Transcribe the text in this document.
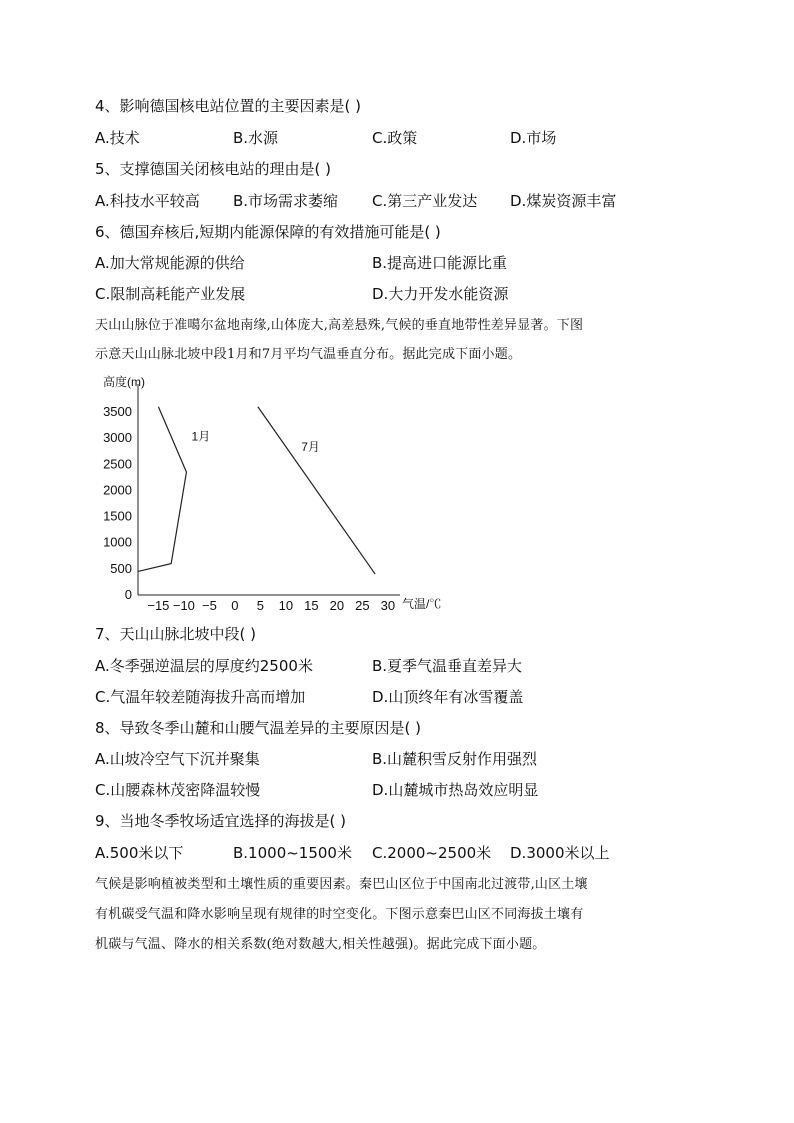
4、影响德国核电站位置的主要因素是( )
A.技术	B.水源	C.政策	D.市场
5、支撑德国关闭核电站的理由是( )
A.科技水平较高 B.市场需求萎缩 C.第三产业发达 D.煤炭资源丰富
6、德国弃核后,短期内能源保障的有效措施可能是( )
A.加大常规能源的供给	B.提高进口能源比重
C.限制高耗能产业发展	D.大力开发水能资源
天山山脉位于准噶尔盆地南缘,山体庞大,高差悬殊,气候的垂直地带性差异显著。下图
示意天山山脉北坡中段1月和7月平均气温垂直分布。据此完成下面小题。
高度(m)
气温/℃
0
500
1000
1500
2000
2500
3000
3500
−15 −10 −5 0 5 10 15 20 25 30
1月
7月
7、天山山脉北坡中段( )
A.冬季强逆温层的厚度约2500米	B.夏季气温垂直差异大
C.气温年较差随海拔升高而增加	D.山顶终年有冰雪覆盖
8、导致冬季山麓和山腰气温差异的主要原因是( )
A.山坡冷空气下沉并聚集	B.山麓积雪反射作用强烈
C.山腰森林茂密降温较慢	D.山麓城市热岛效应明显
9、当地冬季牧场适宜选择的海拔是( )
A.500米以下	B.1000~1500米 C.2000~2500米 D.3000米以上
气候是影响植被类型和土壤性质的重要因素。秦巴山区位于中国南北过渡带,山区土壤
有机碳受气温和降水影响呈现有规律的时空变化。下图示意秦巴山区不同海拔土壤有
机碳与气温、降水的相关系数(绝对数越大,相关性越强)。据此完成下面小题。
